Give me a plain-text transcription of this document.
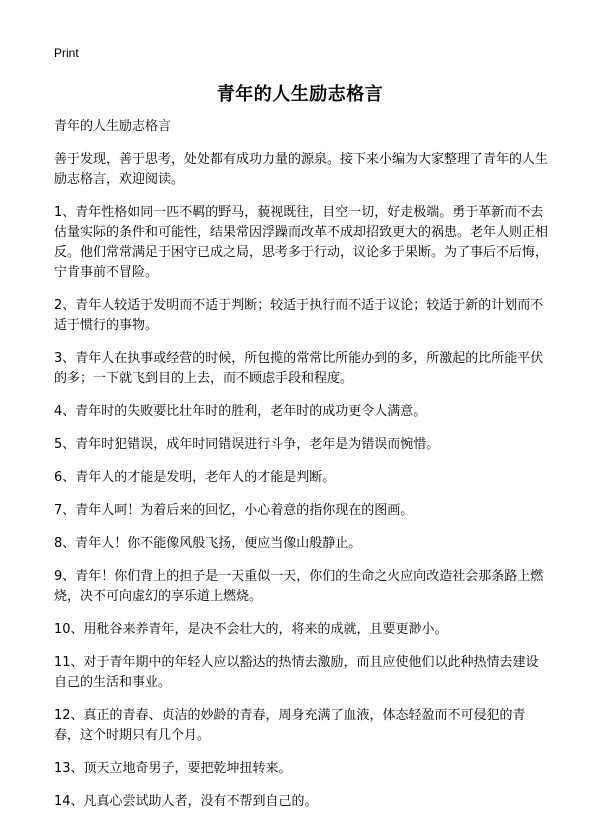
Print
青年的人生励志格言

青年的人生励志格言

善于发现，善于思考，处处都有成功力量的源泉。接下来小编为大家整理了青年的人生励志格言，欢迎阅读。

1、青年性格如同一匹不羁的野马，藐视既往，目空一切，好走极端。勇于革新而不去估量实际的条件和可能性，结果常因浮躁而改革不成却招致更大的祸患。老年人则正相反。他们常常满足于困守已成之局，思考多于行动，议论多于果断。为了事后不后悔，宁肯事前不冒险。

2、青年人较适于发明而不适于判断；较适于执行而不适于议论；较适于新的计划而不适于惯行的事物。

3、青年人在执事或经营的时候，所包揽的常常比所能办到的多，所激起的比所能平伏的多；一下就飞到目的上去，而不顾虑手段和程度。

4、青年时的失败要比壮年时的胜利，老年时的成功更令人满意。

5、青年时犯错误，成年时同错误进行斗争，老年是为错误而惋惜。

6、青年人的才能是发明，老年人的才能是判断。

7、青年人呵！为着后来的回忆，小心着意的指你现在的图画。

8、青年人！你不能像风般飞扬，便应当像山般静止。

9、青年！你们背上的担子是一天重似一天，你们的生命之火应向改造社会那条路上燃烧，决不可向虚幻的享乐道上燃烧。

10、用秕谷来养青年，是决不会壮大的，将来的成就，且要更渺小。

11、对于青年期中的年轻人应以豁达的热情去激励，而且应使他们以此种热情去建设自己的生活和事业。

12、真正的青春、贞洁的妙龄的青春，周身充满了血液，体态轻盈而不可侵犯的青春，这个时期只有几个月。

13、顶天立地奇男子，要把乾坤扭转来。

14、凡真心尝试助人者，没有不帮到自己的。
